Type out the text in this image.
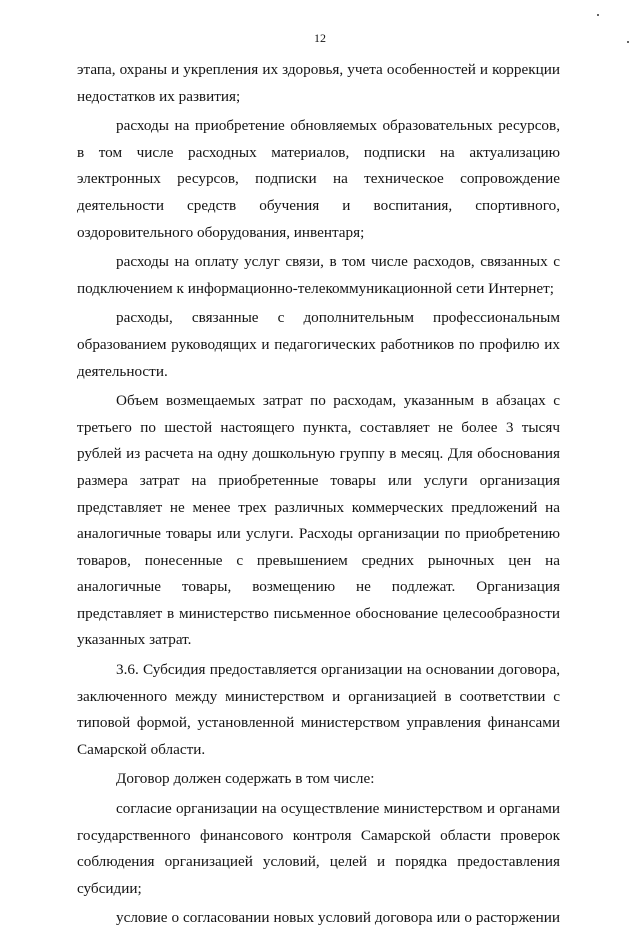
12

этапа, охраны и укрепления их здоровья, учета особенностей и коррекции недостатков их развития;

расходы на приобретение обновляемых образовательных ресурсов, в том числе расходных материалов, подписки на актуализацию электронных ресурсов, подписки на техническое сопровождение деятельности средств обучения и воспитания, спортивного, оздоровительного оборудования, инвентаря;

расходы на оплату услуг связи, в том числе расходов, связанных с подключением к информационно-телекоммуникационной сети Интернет;

расходы, связанные с дополнительным профессиональным образованием руководящих и педагогических работников по профилю их деятельности.

Объем возмещаемых затрат по расходам, указанным в абзацах с третьего по шестой настоящего пункта, составляет не более 3 тысяч рублей из расчета на одну дошкольную группу в месяц. Для обоснования размера затрат на приобретенные товары или услуги организация представляет не менее трех различных коммерческих предложений на аналогичные товары или услуги. Расходы организации по приобретению товаров, понесенные с превышением средних рыночных цен на аналогичные товары, возмещению не подлежат. Организация представляет в министерство письменное обоснование целесообразности указанных затрат.

3.6. Субсидия предоставляется организации на основании договора, заключенного между министерством и организацией в соответствии с типовой формой, установленной министерством управления финансами Самарской области.

Договор должен содержать в том числе:

согласие организации на осуществление министерством и органами государственного финансового контроля Самарской области проверок соблюдения организацией условий, целей и порядка предоставления субсидии;

условие о согласовании новых условий договора или о расторжении
